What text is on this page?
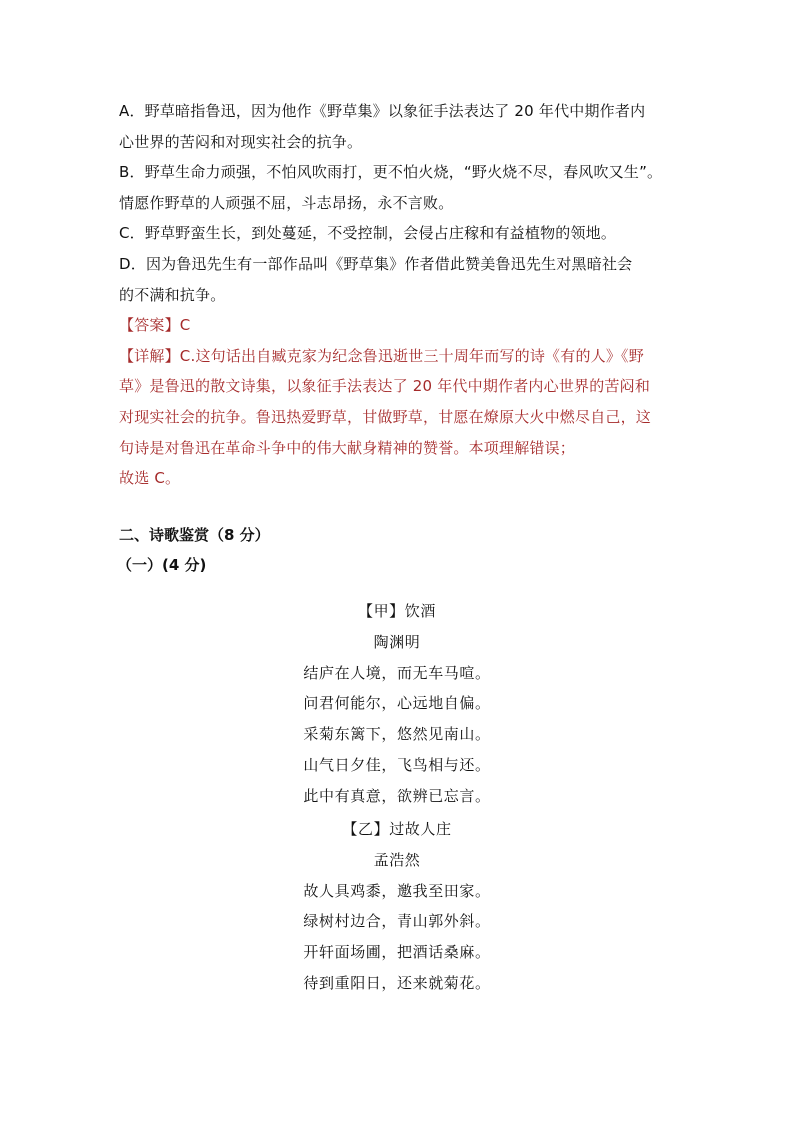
A．野草暗指鲁迅，因为他作《野草集》以象征手法表达了 20 年代中期作者内
心世界的苦闷和对现实社会的抗争。
B．野草生命力顽强，不怕风吹雨打，更不怕火烧，“野火烧不尽，春风吹又生”。
情愿作野草的人顽强不屈，斗志昂扬，永不言败。
C．野草野蛮生长，到处蔓延，不受控制，会侵占庄稼和有益植物的领地。
D．因为鲁迅先生有一部作品叫《野草集》作者借此赞美鲁迅先生对黑暗社会
的不满和抗争。
【答案】C
【详解】C.这句话出自臧克家为纪念鲁迅逝世三十周年而写的诗《有的人》《野
草》是鲁迅的散文诗集，以象征手法表达了 20 年代中期作者内心世界的苦闷和
对现实社会的抗争。鲁迅热爱野草，甘做野草，甘愿在燎原大火中燃尽自己，这
句诗是对鲁迅在革命斗争中的伟大献身精神的赞誉。本项理解错误；
故选 C。
二、诗歌鉴赏（8 分）
（一）(4 分)
【甲】饮酒
陶渊明
结庐在人境，而无车马喧。
问君何能尔，心远地自偏。
采菊东篱下，悠然见南山。
山气日夕佳，飞鸟相与还。
此中有真意，欲辨已忘言。
【乙】过故人庄
孟浩然
故人具鸡黍，邀我至田家。
绿树村边合，青山郭外斜。
开轩面场圃，把酒话桑麻。
待到重阳日，还来就菊花。
